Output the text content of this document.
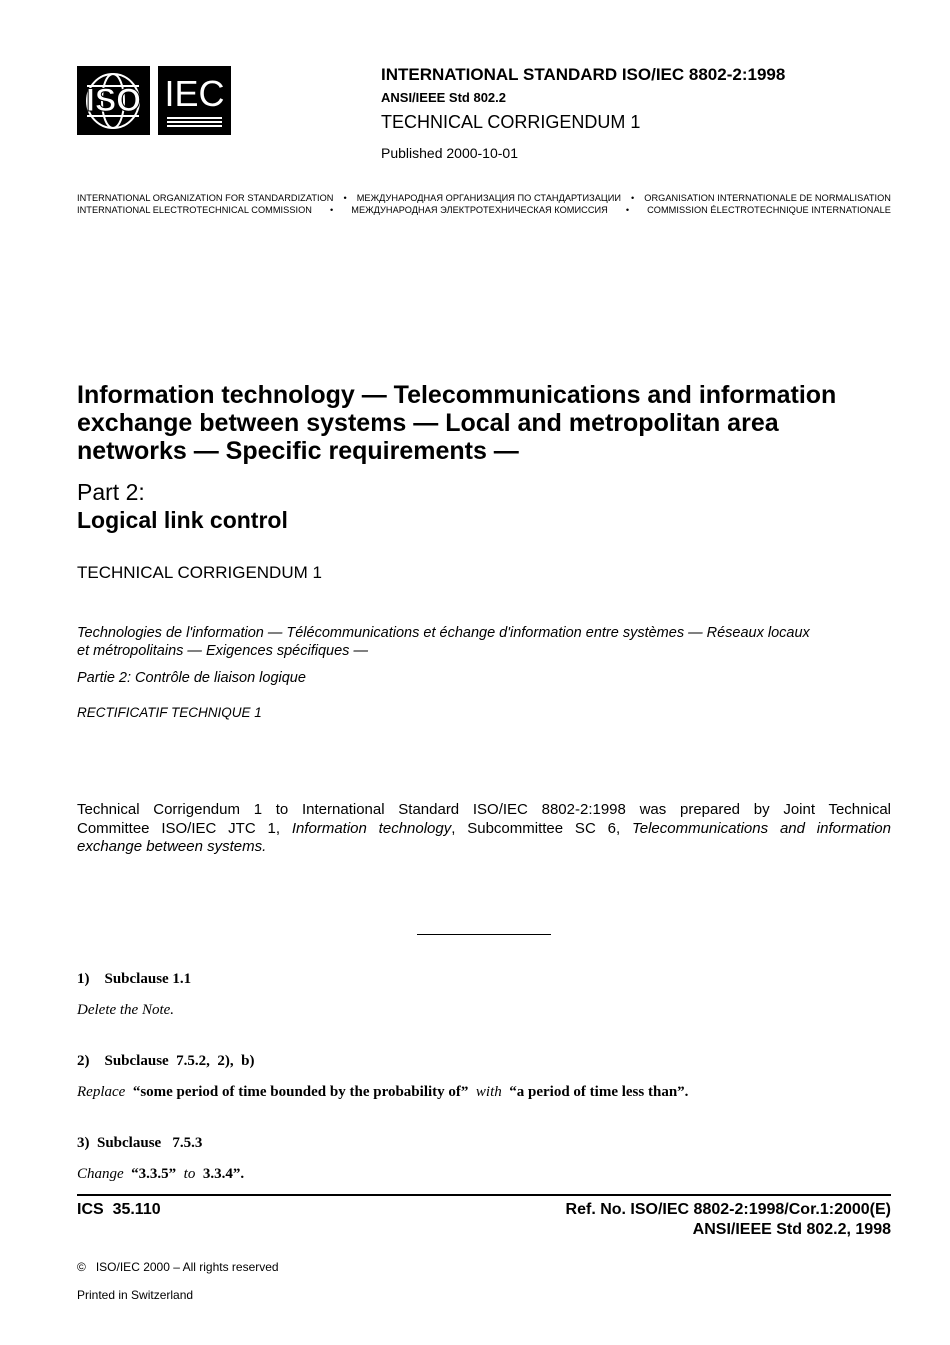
ISO IEC	INTERNATIONAL STANDARD ISO/IEC 8802-2:1998
ANSI/IEEE Std 802.2
TECHNICAL CORRIGENDUM 1
Published 2000-10-01
INTERNATIONAL ORGANIZATION FOR STANDARDIZATION • МЕЖДУНАРОДНАЯ ОРГАНИЗАЦИЯ ПО СТАНДАРТИЗАЦИИ • ORGANISATION INTERNATIONALE DE NORMALISATION
INTERNATIONAL ELECTROTECHNICAL COMMISSION • МЕЖДУНАРОДНАЯ ЭЛЕКТРОТЕХНИЧЕСКАЯ КОМИССИЯ • COMMISSION ÉLECTROTECHNIQUE INTERNATIONALE
Information technology — Telecommunications and information
exchange between systems — Local and metropolitan area
networks — Specific requirements —
Part 2:
Logical link control
TECHNICAL CORRIGENDUM 1
Technologies de l'information — Télécommunications et échange d'information entre systèmes — Réseaux locaux
et métropolitains — Exigences spécifiques —
Partie 2: Contrôle de liaison logique
RECTIFICATIF TECHNIQUE 1
Technical Corrigendum 1 to International Standard ISO/IEC 8802-2:1998 was prepared by Joint Technical
Committee ISO/IEC JTC 1, Information technology, Subcommittee SC 6, Telecommunications and information
exchange between systems.
1)    Subclause 1.1
Delete the Note.
2)    Subclause  7.5.2,  2),  b)
Replace “some period of time bounded by the probability of” with “a period of time less than”.
3)  Subclause   7.5.3
Change “3.3.5” to 3.3.4”.
ICS  35.110	Ref. No. ISO/IEC 8802-2:1998/Cor.1:2000(E)
ANSI/IEEE Std 802.2, 1998
©   ISO/IEC 2000 – All rights reserved
Printed in Switzerland
